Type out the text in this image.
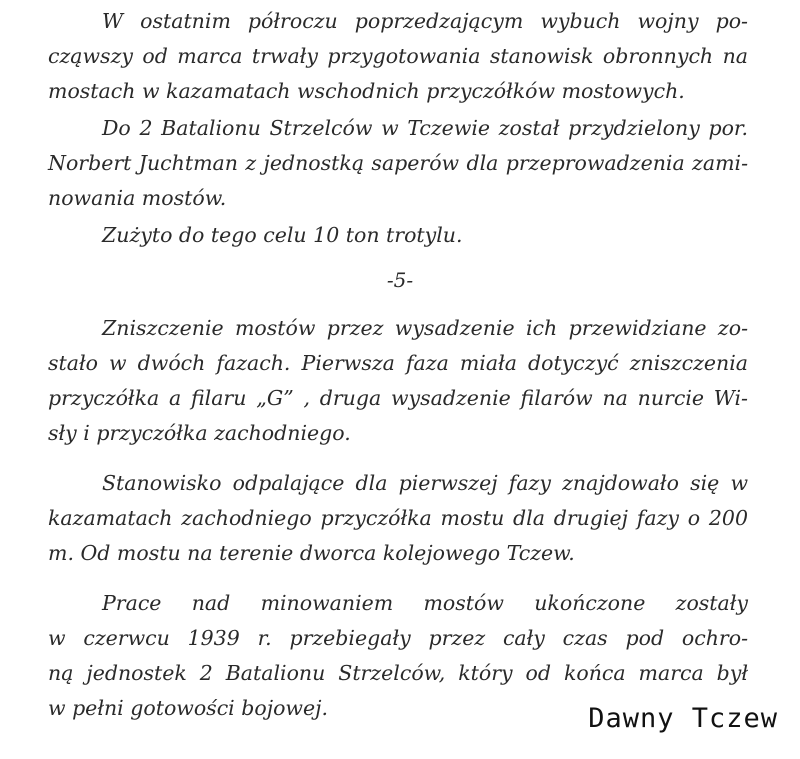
W ostatnim półroczu poprzedzającym wybuch wojny po-
cząwszy od marca trwały przygotowania stanowisk obronnych na
mostach w kazamatach wschodnich przyczółków mostowych.
Do 2 Batalionu Strzelców w Tczewie został przydzielony por.
Norbert Juchtman z jednostką saperów dla przeprowadzenia zami-
nowania mostów.
Zużyto do tego celu 10 ton trotylu.
-5-
Zniszczenie mostów przez wysadzenie ich przewidziane zo-
stało w dwóch fazach. Pierwsza faza miała dotyczyć zniszczenia
przyczółka a filaru „G” , druga wysadzenie filarów na nurcie Wi-
sły i przyczółka zachodniego.
Stanowisko odpalające dla pierwszej fazy znajdowało się w
kazamatach zachodniego przyczółka mostu dla drugiej fazy o 200
m. Od mostu na terenie dworca kolejowego Tczew.
Prace nad minowaniem mostów ukończone zostały
w czerwcu 1939 r. przebiegały przez cały czas pod ochro-
ną jednostek 2 Batalionu Strzelców, który od końca marca był
w pełni gotowości bojowej.	Dawny Tczew
